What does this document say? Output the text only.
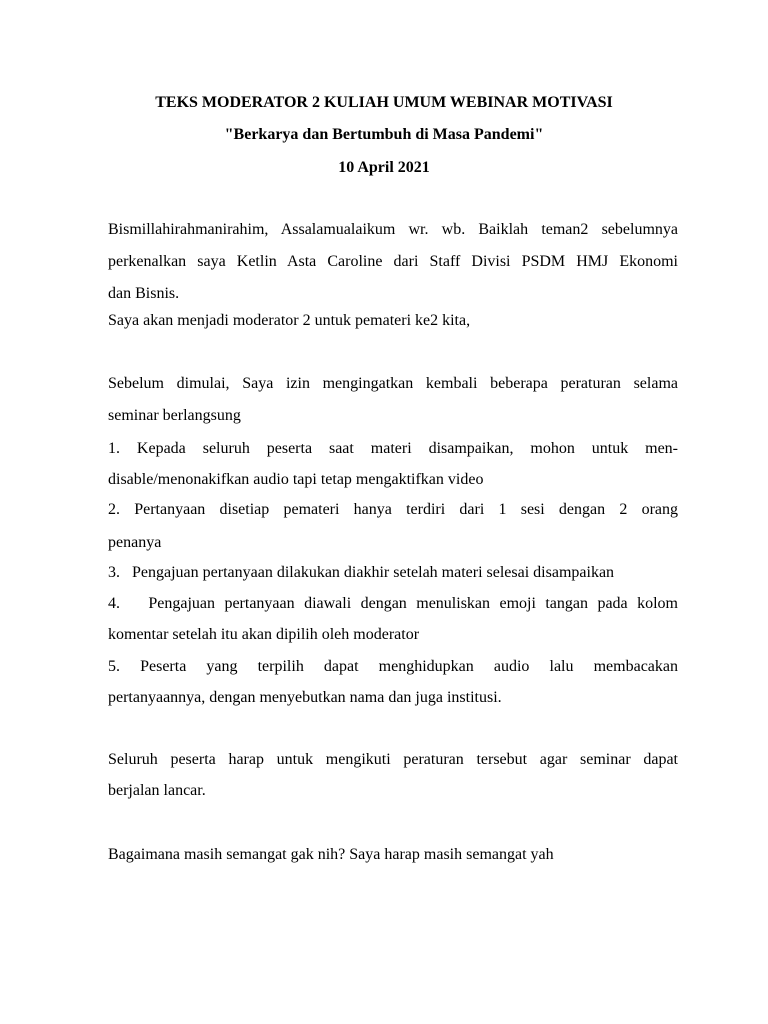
TEKS MODERATOR 2 KULIAH UMUM WEBINAR MOTIVASI
"Berkarya dan Bertumbuh di Masa Pandemi"
10 April 2021
Bismillahirahmanirahim, Assalamualaikum wr. wb. Baiklah teman2 sebelumnya
perkenalkan saya Ketlin Asta Caroline dari Staff Divisi PSDM HMJ Ekonomi
dan Bisnis.
Saya akan menjadi moderator 2 untuk pemateri ke2 kita,
Sebelum dimulai, Saya izin mengingatkan kembali beberapa peraturan selama
seminar berlangsung
1. Kepada seluruh peserta saat materi disampaikan, mohon untuk men-
disable/menonakifkan audio tapi tetap mengaktifkan video
2. Pertanyaan disetiap pemateri hanya terdiri dari 1 sesi dengan 2 orang
penanya
3.   Pengajuan pertanyaan dilakukan diakhir setelah materi selesai disampaikan
4.   Pengajuan pertanyaan diawali dengan menuliskan emoji tangan pada kolom
komentar setelah itu akan dipilih oleh moderator
5. Peserta yang terpilih dapat menghidupkan audio lalu membacakan
pertanyaannya, dengan menyebutkan nama dan juga institusi.
Seluruh peserta harap untuk mengikuti peraturan tersebut agar seminar dapat
berjalan lancar.
Bagaimana masih semangat gak nih? Saya harap masih semangat yah
